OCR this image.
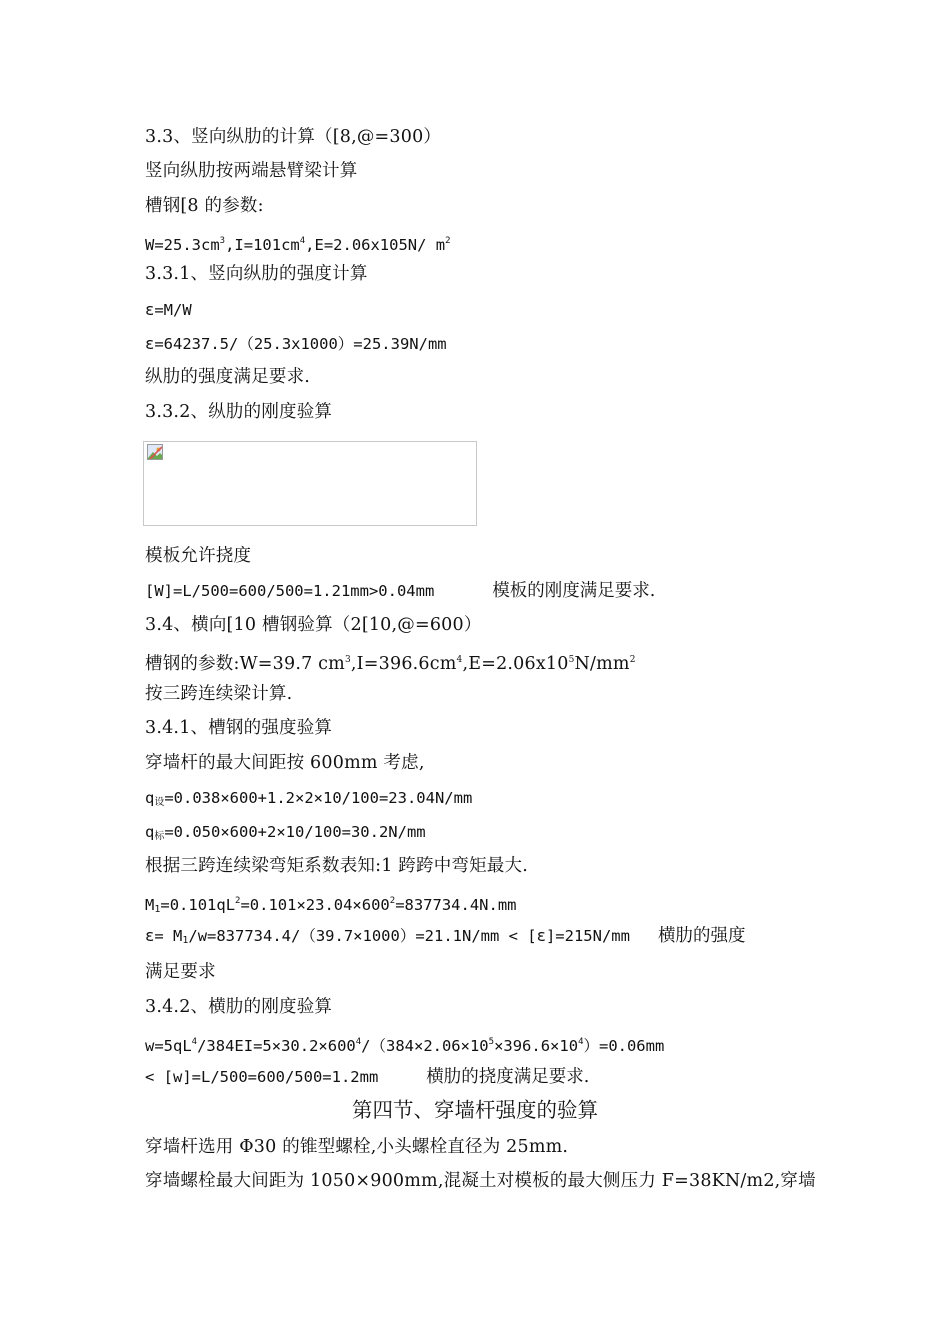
3.3、竖向纵肋的计算（[8,@=300）
竖向纵肋按两端悬臂梁计算
槽钢[8 的参数:
$W=25.3cm^3,I=101cm^4,E=2.06x105N/$ $m^2$
3.3.1、竖向纵肋的强度计算
ε=M/W
ε=64237.5/（25.3x1000）=25.39N/mm
纵肋的强度满足要求.
3.3.2、纵肋的刚度验算
模板允许挠度
[W]=L/500=600/500=1.21mm>0.04mm	模板的刚度满足要求.
3.4、横向[10 槽钢验算（2[10,@=600）
槽钢的参数:W=39.7 $cm^3,I=396.6cm^4,E=2.06x10^5N/mm^2$
按三跨连续梁计算.
3.4.1、槽钢的强度验算
穿墙杆的最大间距按 600mm 考虑,
$q_设=0.038\times 600+1.2\times 2\times 10/100=23.04N/mm$
$q_标=0.050\times 600+2\times 10/100=30.2N/mm$
根据三跨连续梁弯矩系数表知:1 跨跨中弯矩最大.
$M_1=0.101qL^2=0.101\times 23.04\times 600^2=837734.4N.mm$
$\varepsilon= M_1/w=837734.4/(39.7\times 1000)=21.1N/mm < [\varepsilon]=215N/mm$ 横肋的强度
满足要求
3.4.2、横肋的刚度验算
$w=5qL^4/384EI=5\times 30.2\times 600^4/(384\times 2.06\times 10^5\times 396.6\times 10^4)=0.06mm$
< [w]=L/500=600/500=1.2mm	横肋的挠度满足要求.
第四节、穿墙杆强度的验算
穿墙杆选用 Φ30 的锥型螺栓,小头螺栓直径为 25mm.
穿墙螺栓最大间距为 1050×900mm,混凝土对模板的最大侧压力 F=38KN/m2,穿墙
